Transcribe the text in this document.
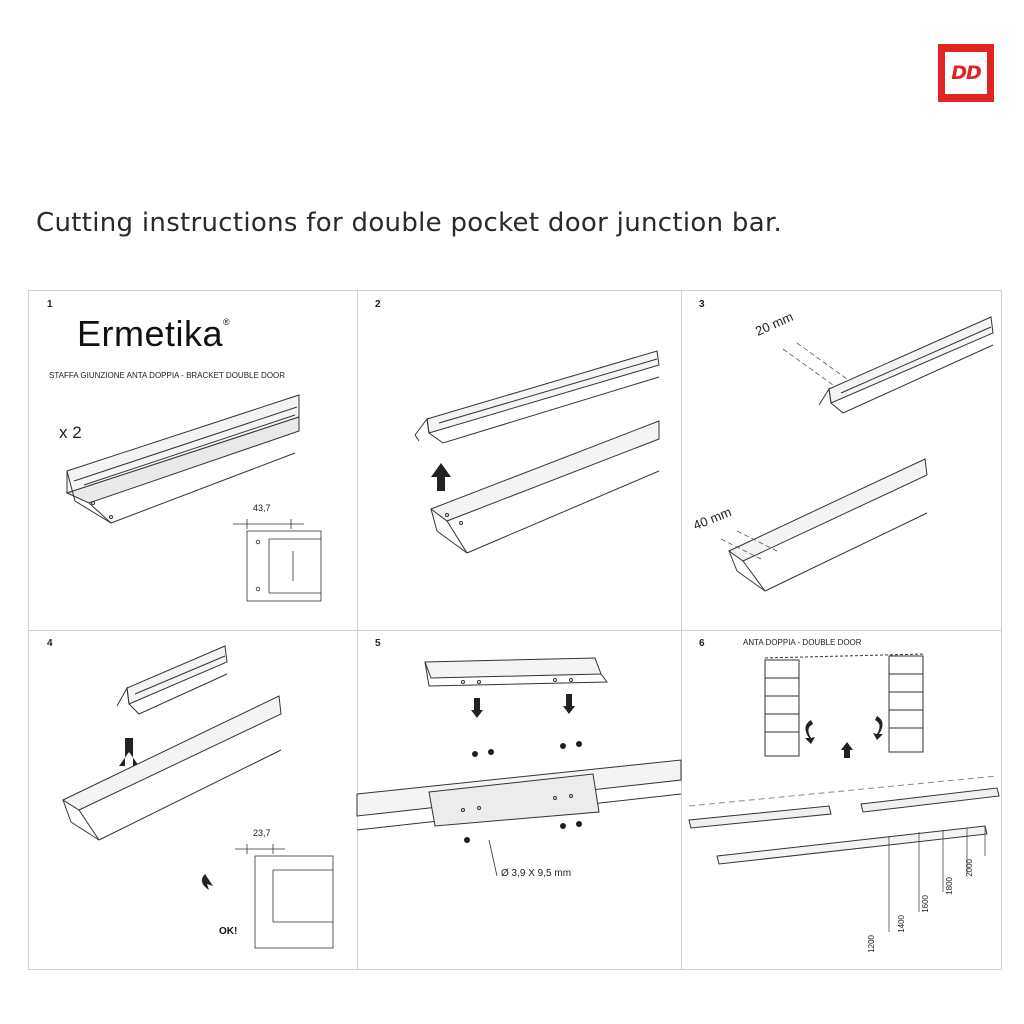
DD
Cutting instructions for double pocket door junction bar.
1
Ermetika®
STAFFA GIUNZIONE ANTA DOPPIA - BRACKET DOUBLE DOOR
x 2
43,7
2	3
20 mm
40 mm
4
23,7
OK!
5
Ø 3,9 X 9,5 mm
6	ANTA DOPPIA - DOUBLE DOOR
1200
1400
1600
1800
2000
